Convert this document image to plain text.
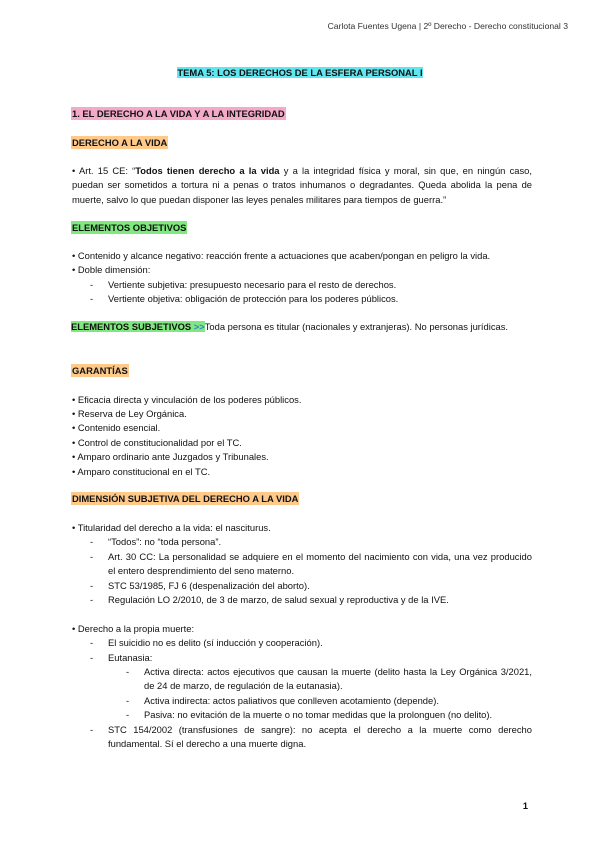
Carlota Fuentes Ugena | 2º Derecho - Derecho constitucional 3
TEMA 5: LOS DERECHOS DE LA ESFERA PERSONAL I
1. EL DERECHO A LA VIDA Y A LA INTEGRIDAD
DERECHO A LA VIDA
• Art. 15 CE: “Todos tienen derecho a la vida y a la integridad física y moral, sin que, en ningún caso, puedan ser sometidos a tortura ni a penas o tratos inhumanos o degradantes. Queda abolida la pena de muerte, salvo lo que puedan disponer las leyes penales militares para tiempos de guerra.”
ELEMENTOS OBJETIVOS
• Contenido y alcance negativo: reacción frente a actuaciones que acaben/pongan en peligro la vida.
• Doble dimensión:
- Vertiente subjetiva: presupuesto necesario para el resto de derechos.
- Vertiente objetiva: obligación de protección para los poderes públicos.
ELEMENTOS SUBJETIVOS >>Toda persona es titular (nacionales y extranjeras). No personas jurídicas.
GARANTÍAS
• Eficacia directa y vinculación de los poderes públicos.
• Reserva de Ley Orgánica.
• Contenido esencial.
• Control de constitucionalidad por el TC.
• Amparo ordinario ante Juzgados y Tribunales.
• Amparo constitucional en el TC.
DIMENSIÓN SUBJETIVA DEL DERECHO A LA VIDA
• Titularidad del derecho a la vida: el nasciturus.
- “Todos”: no “toda persona”.
- Art. 30 CC: La personalidad se adquiere en el momento del nacimiento con vida, una vez producido el entero desprendimiento del seno materno.
- STC 53/1985, FJ 6 (despenalización del aborto).
- Regulación LO 2/2010, de 3 de marzo, de salud sexual y reproductiva y de la IVE.
• Derecho a la propia muerte:
- El suicidio no es delito (sí inducción y cooperación).
- Eutanasia:
- Activa directa: actos ejecutivos que causan la muerte (delito hasta la Ley Orgánica 3/2021, de 24 de marzo, de regulación de la eutanasia).
- Activa indirecta: actos paliativos que conlleven acotamiento (depende).
- Pasiva: no evitación de la muerte o no tomar medidas que la prolonguen (no delito).
- STC 154/2002 (transfusiones de sangre): no acepta el derecho a la muerte como derecho fundamental. Sí el derecho a una muerte digna.
1
